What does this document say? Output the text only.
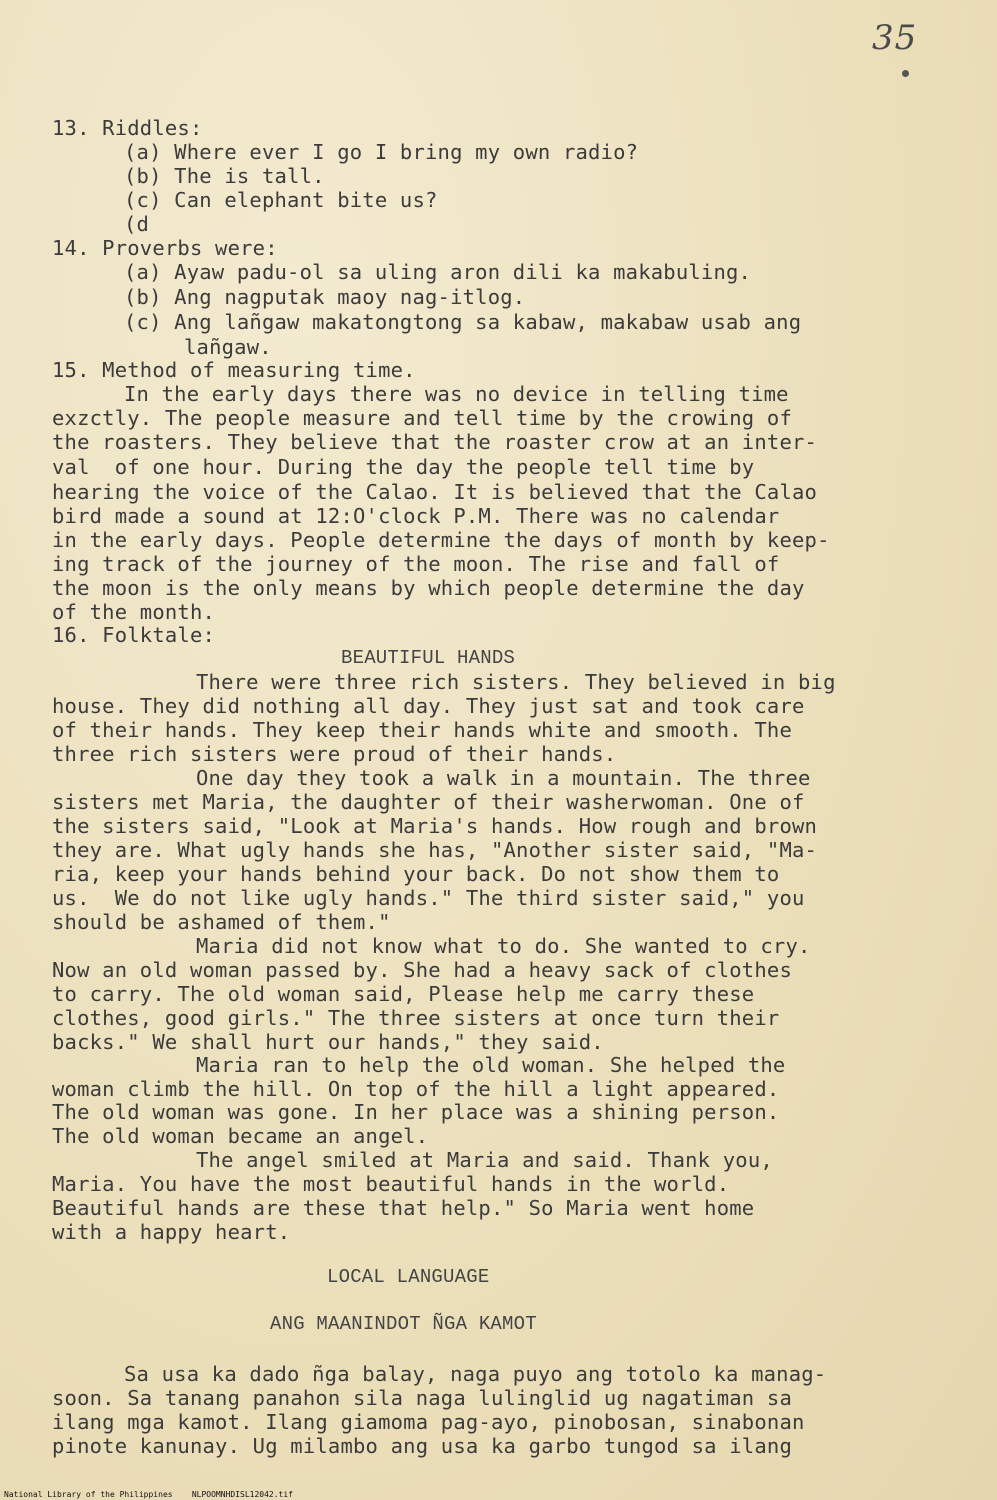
35
13. Riddles:
(a) Where ever I go I bring my own radio?
(b) The is tall.
(c) Can elephant bite us?
(d
14. Proverbs were:
(a) Ayaw padu-ol sa uling aron dili ka makabuling.
(b) Ang nagputak maoy nag-itlog.
(c) Ang lañgaw makatongtong sa kabaw, makabaw usab ang
lañgaw.
15. Method of measuring time.
In the early days there was no device in telling time
exzctly. The people measure and tell time by the crowing of
the roasters. They believe that the roaster crow at an inter-
val  of one hour. During the day the people tell time by
hearing the voice of the Calao. It is believed that the Calao
bird made a sound at 12:O'clock P.M. There was no calendar
in the early days. People determine the days of month by keep-
ing track of the journey of the moon. The rise and fall of
the moon is the only means by which people determine the day
of the month.
16. Folktale:
BEAUTIFUL HANDS
There were three rich sisters. They believed in big
house. They did nothing all day. They just sat and took care
of their hands. They keep their hands white and smooth. The
three rich sisters were proud of their hands.
One day they took a walk in a mountain. The three
sisters met Maria, the daughter of their washerwoman. One of
the sisters said, "Look at Maria's hands. How rough and brown
they are. What ugly hands she has, "Another sister said, "Ma-
ria, keep your hands behind your back. Do not show them to
us.  We do not like ugly hands." The third sister said," you
should be ashamed of them."
Maria did not know what to do. She wanted to cry.
Now an old woman passed by. She had a heavy sack of clothes
to carry. The old woman said, Please help me carry these
clothes, good girls." The three sisters at once turn their
backs." We shall hurt our hands," they said.
Maria ran to help the old woman. She helped the
woman climb the hill. On top of the hill a light appeared.
The old woman was gone. In her place was a shining person.
The old woman became an angel.
The angel smiled at Maria and said. Thank you,
Maria. You have the most beautiful hands in the world.
Beautiful hands are these that help." So Maria went home
with a happy heart.
LOCAL LANGUAGE
ANG MAANINDOT ÑGA KAMOT
Sa usa ka dado ñga balay, naga puyo ang totolo ka manag-
soon. Sa tanang panahon sila naga lulinglid ug nagatiman sa
ilang mga kamot. Ilang giamoma pag-ayo, pinobosan, sinabonan
pinote kanunay. Ug milambo ang usa ka garbo tungod sa ilang
National Library of the Philippines NLPOOMNHDISL12042.tif
